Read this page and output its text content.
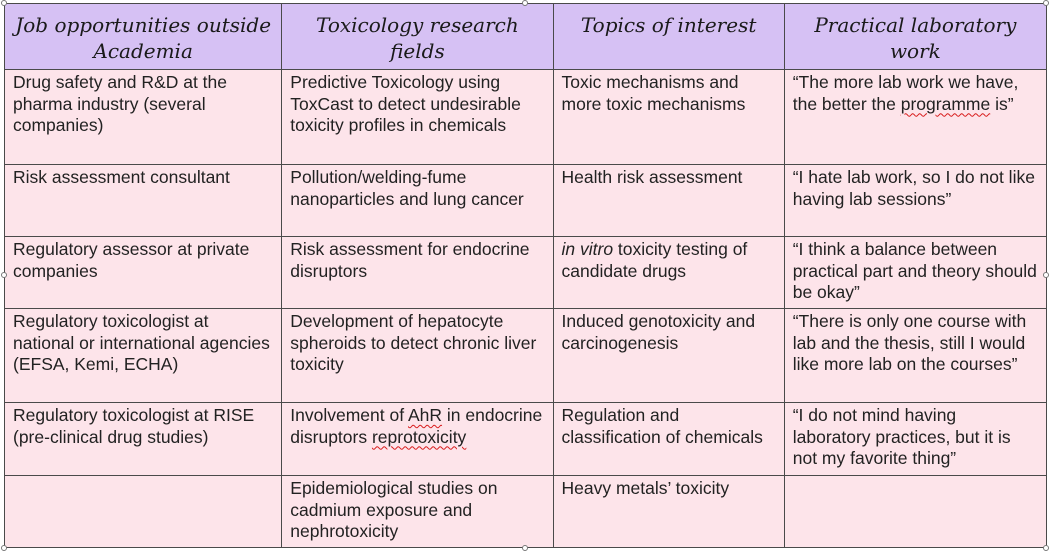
Job opportunities outside Academia	Toxicology research fields	Topics of interest	Practical laboratory work
Drug safety and R&D at the pharma industry (several companies)	Predictive Toxicology using ToxCast to detect undesirable toxicity profiles in chemicals	Toxic mechanisms and more toxic mechanisms	“The more lab work we have, the better the programme is”
Risk assessment consultant	Pollution/welding-fume nanoparticles and lung cancer	Health risk assessment	“I hate lab work, so I do not like having lab sessions”
Regulatory assessor at private companies	Risk assessment for endocrine disruptors	in vitro toxicity testing of candidate drugs	“I think a balance between practical part and theory should be okay”
Regulatory toxicologist at national or international agencies (EFSA, Kemi, ECHA)	Development of hepatocyte spheroids to detect chronic liver toxicity	Induced genotoxicity and carcinogenesis	“There is only one course with lab and the thesis, still I would like more lab on the courses”
Regulatory toxicologist at RISE (pre-clinical drug studies)	Involvement of AhR in endocrine disruptors reprotoxicity	Regulation and classification of chemicals	“I do not mind having laboratory practices, but it is not my favorite thing”
	Epidemiological studies on cadmium exposure and nephrotoxicity	Heavy metals’ toxicity	
